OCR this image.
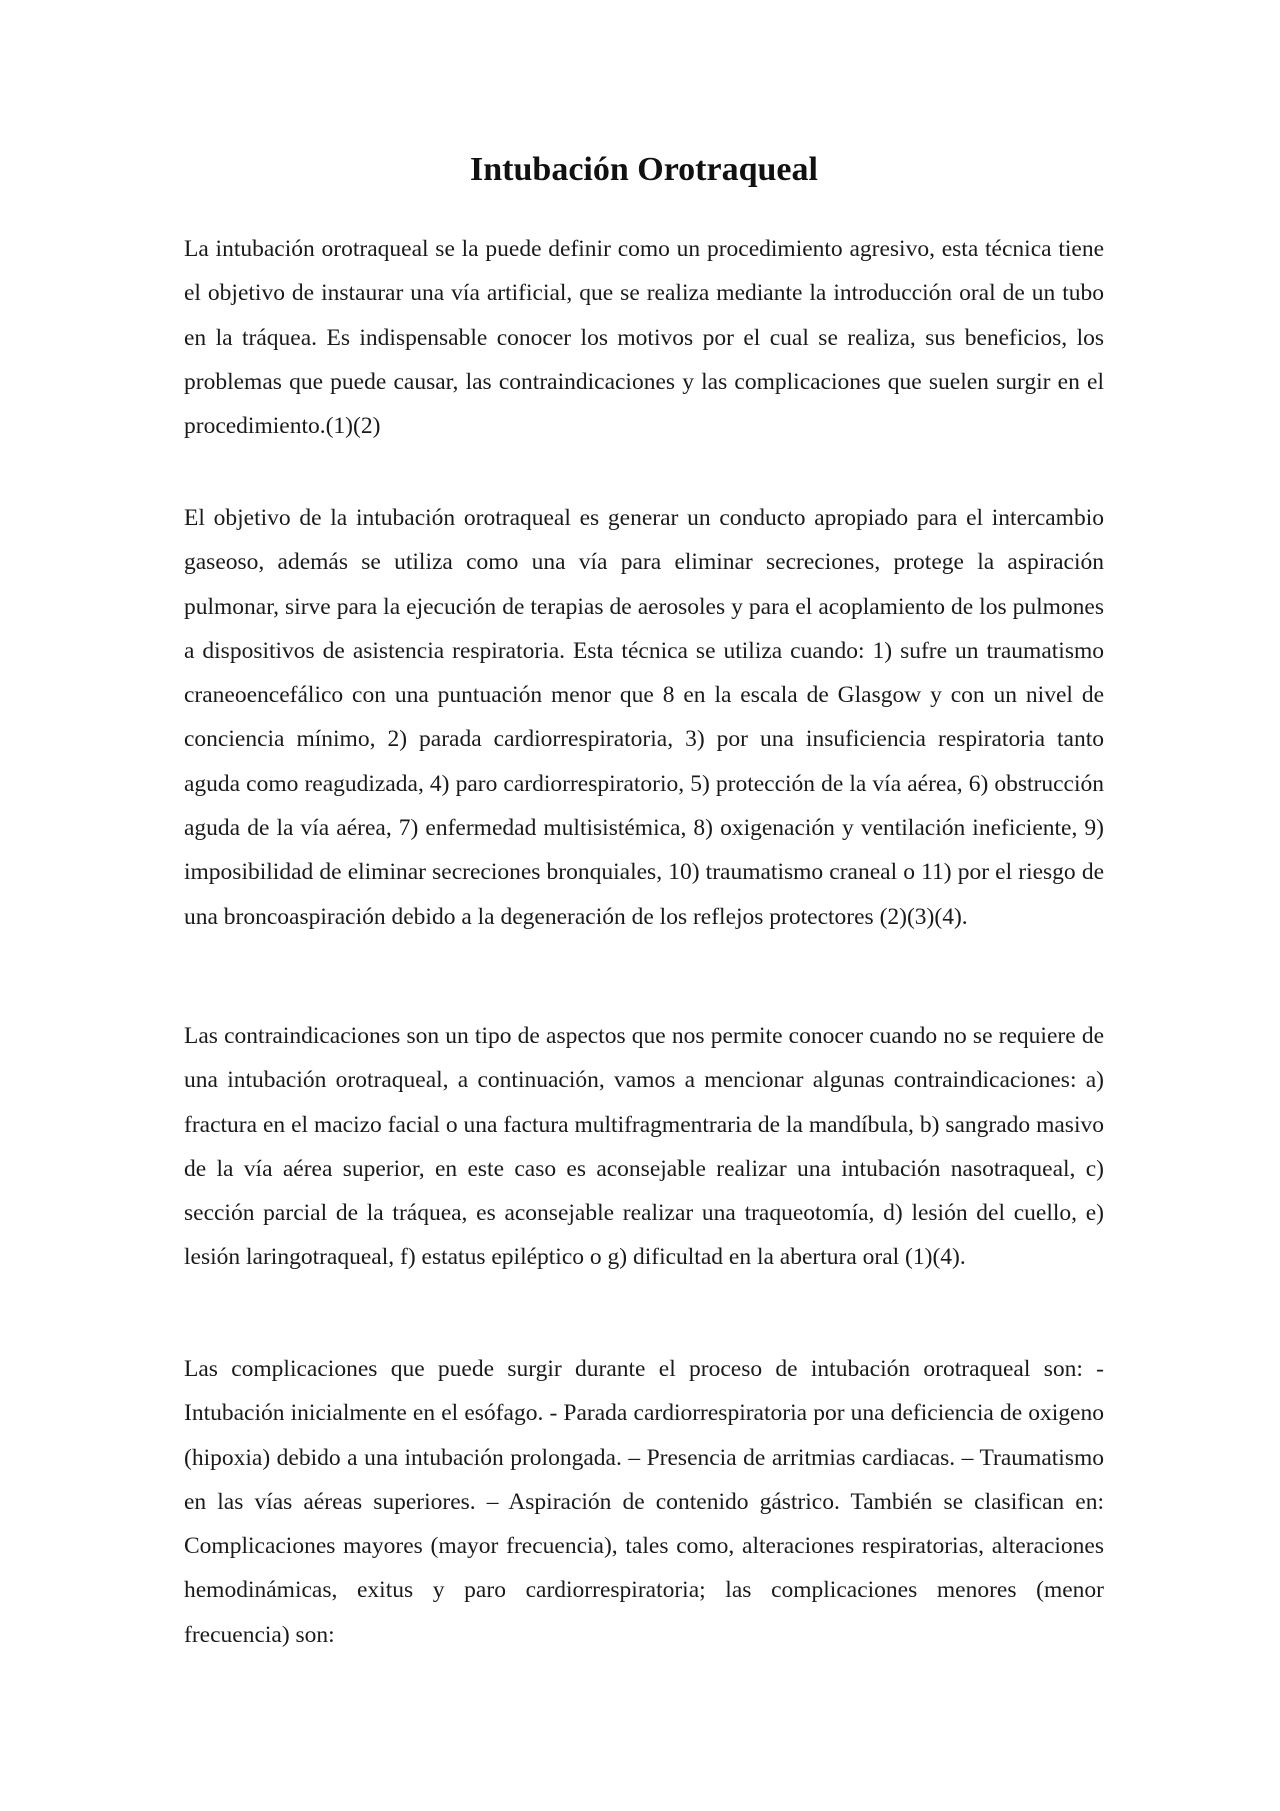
Intubación Orotraqueal

La intubación orotraqueal se la puede definir como un procedimiento agresivo, esta técnica tiene el objetivo de instaurar una vía artificial, que se realiza mediante la introducción oral de un tubo en la tráquea. Es indispensable conocer los motivos por el cual se realiza, sus beneficios, los problemas que puede causar, las contraindicaciones y las complicaciones que suelen surgir en el procedimiento.(1)(2)

El objetivo de la intubación orotraqueal es generar un conducto apropiado para el intercambio gaseoso, además se utiliza como una vía para eliminar secreciones, protege la aspiración pulmonar, sirve para la ejecución de terapias de aerosoles y para el acoplamiento de los pulmones a dispositivos de asistencia respiratoria. Esta técnica se utiliza cuando: 1) sufre un traumatismo craneoencefálico con una puntuación menor que 8 en la escala de Glasgow y con un nivel de conciencia mínimo, 2) parada cardiorrespiratoria, 3) por una insuficiencia respiratoria tanto aguda como reagudizada, 4) paro cardiorrespiratorio, 5) protección de la vía aérea, 6) obstrucción aguda de la vía aérea, 7) enfermedad multisistémica, 8) oxigenación y ventilación ineficiente, 9) imposibilidad de eliminar secreciones bronquiales, 10) traumatismo craneal o 11) por el riesgo de una broncoaspiración debido a la degeneración de los reflejos protectores (2)(3)(4).

Las contraindicaciones son un tipo de aspectos que nos permite conocer cuando no se requiere de una intubación orotraqueal, a continuación, vamos a mencionar algunas contraindicaciones: a) fractura en el macizo facial o una factura multifragmentraria de la mandíbula, b) sangrado masivo de la vía aérea superior, en este caso es aconsejable realizar una intubación nasotraqueal, c) sección parcial de la tráquea, es aconsejable realizar una traqueotomía, d) lesión del cuello, e) lesión laringotraqueal, f) estatus epiléptico o g) dificultad en la abertura oral (1)(4).

Las complicaciones que puede surgir durante el proceso de intubación orotraqueal son: - Intubación inicialmente en el esófago. - Parada cardiorrespiratoria por una deficiencia de oxigeno (hipoxia) debido a una intubación prolongada. – Presencia de arritmias cardiacas. – Traumatismo en las vías aéreas superiores. – Aspiración de contenido gástrico. También se clasifican en: Complicaciones mayores (mayor frecuencia), tales como, alteraciones respiratorias, alteraciones hemodinámicas, exitus y paro cardiorrespiratoria; las complicaciones menores (menor frecuencia) son:
